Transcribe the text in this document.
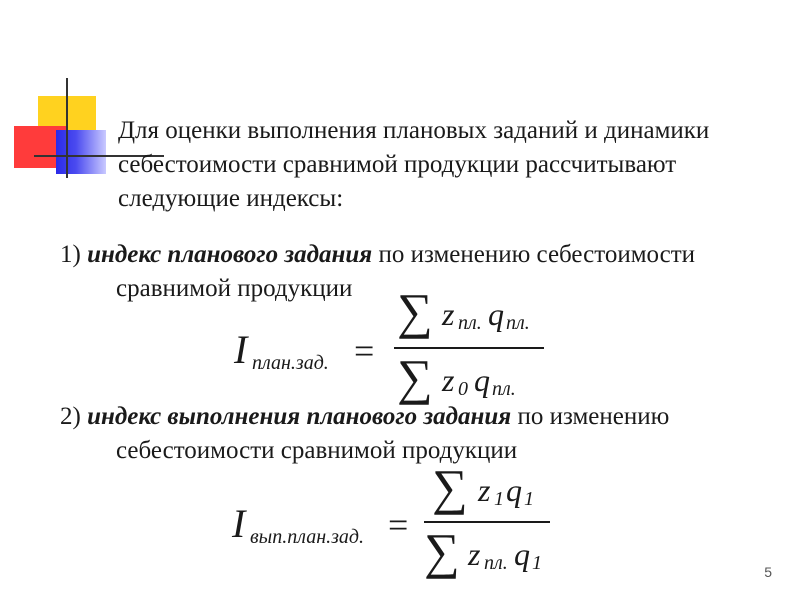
Для оценки выполнения плановых заданий и динамики себестоимости сравнимой продукции рассчитывают следующие индексы:

1) индекс планового задания по изменению себестоимости
сравнимой продукции

I план.зад. =
∑ z пл. q пл.
∑ z 0 q пл.

2) индекс выполнения планового задания по изменению
себестоимости сравнимой продукции

I вып.план.зад. =
∑ z 1 q 1
∑ z пл. q 1	5
